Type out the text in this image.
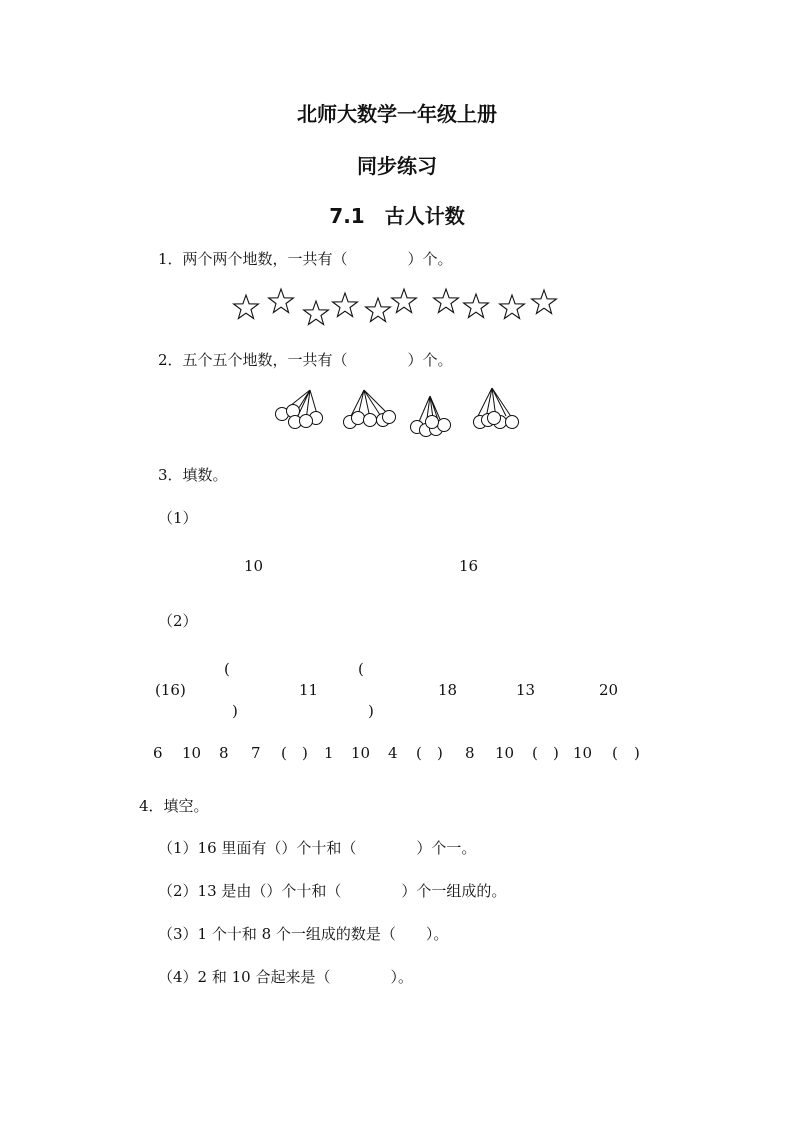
北师大数学一年级上册
同步练习
7.1　古人计数
1．两个两个地数，一共有（　　　　）个。
2．五个五个地数，一共有（　　　　）个。
3．填数。
（1）
10	16
（2）
(	(
(16)	11	18	13	20
)	)
6 10 8 7 ( ) 1 10 4 ( ) 8 10 ( ) 10 ( )
4．填空。
（1）16 里面有（）个十和（　　　　）个一。
（2）13 是由（）个十和（　　　　）个一组成的。
（3）1 个十和 8 个一组成的数是（　　）。
（4）2 和 10 合起来是（　　　　）。
